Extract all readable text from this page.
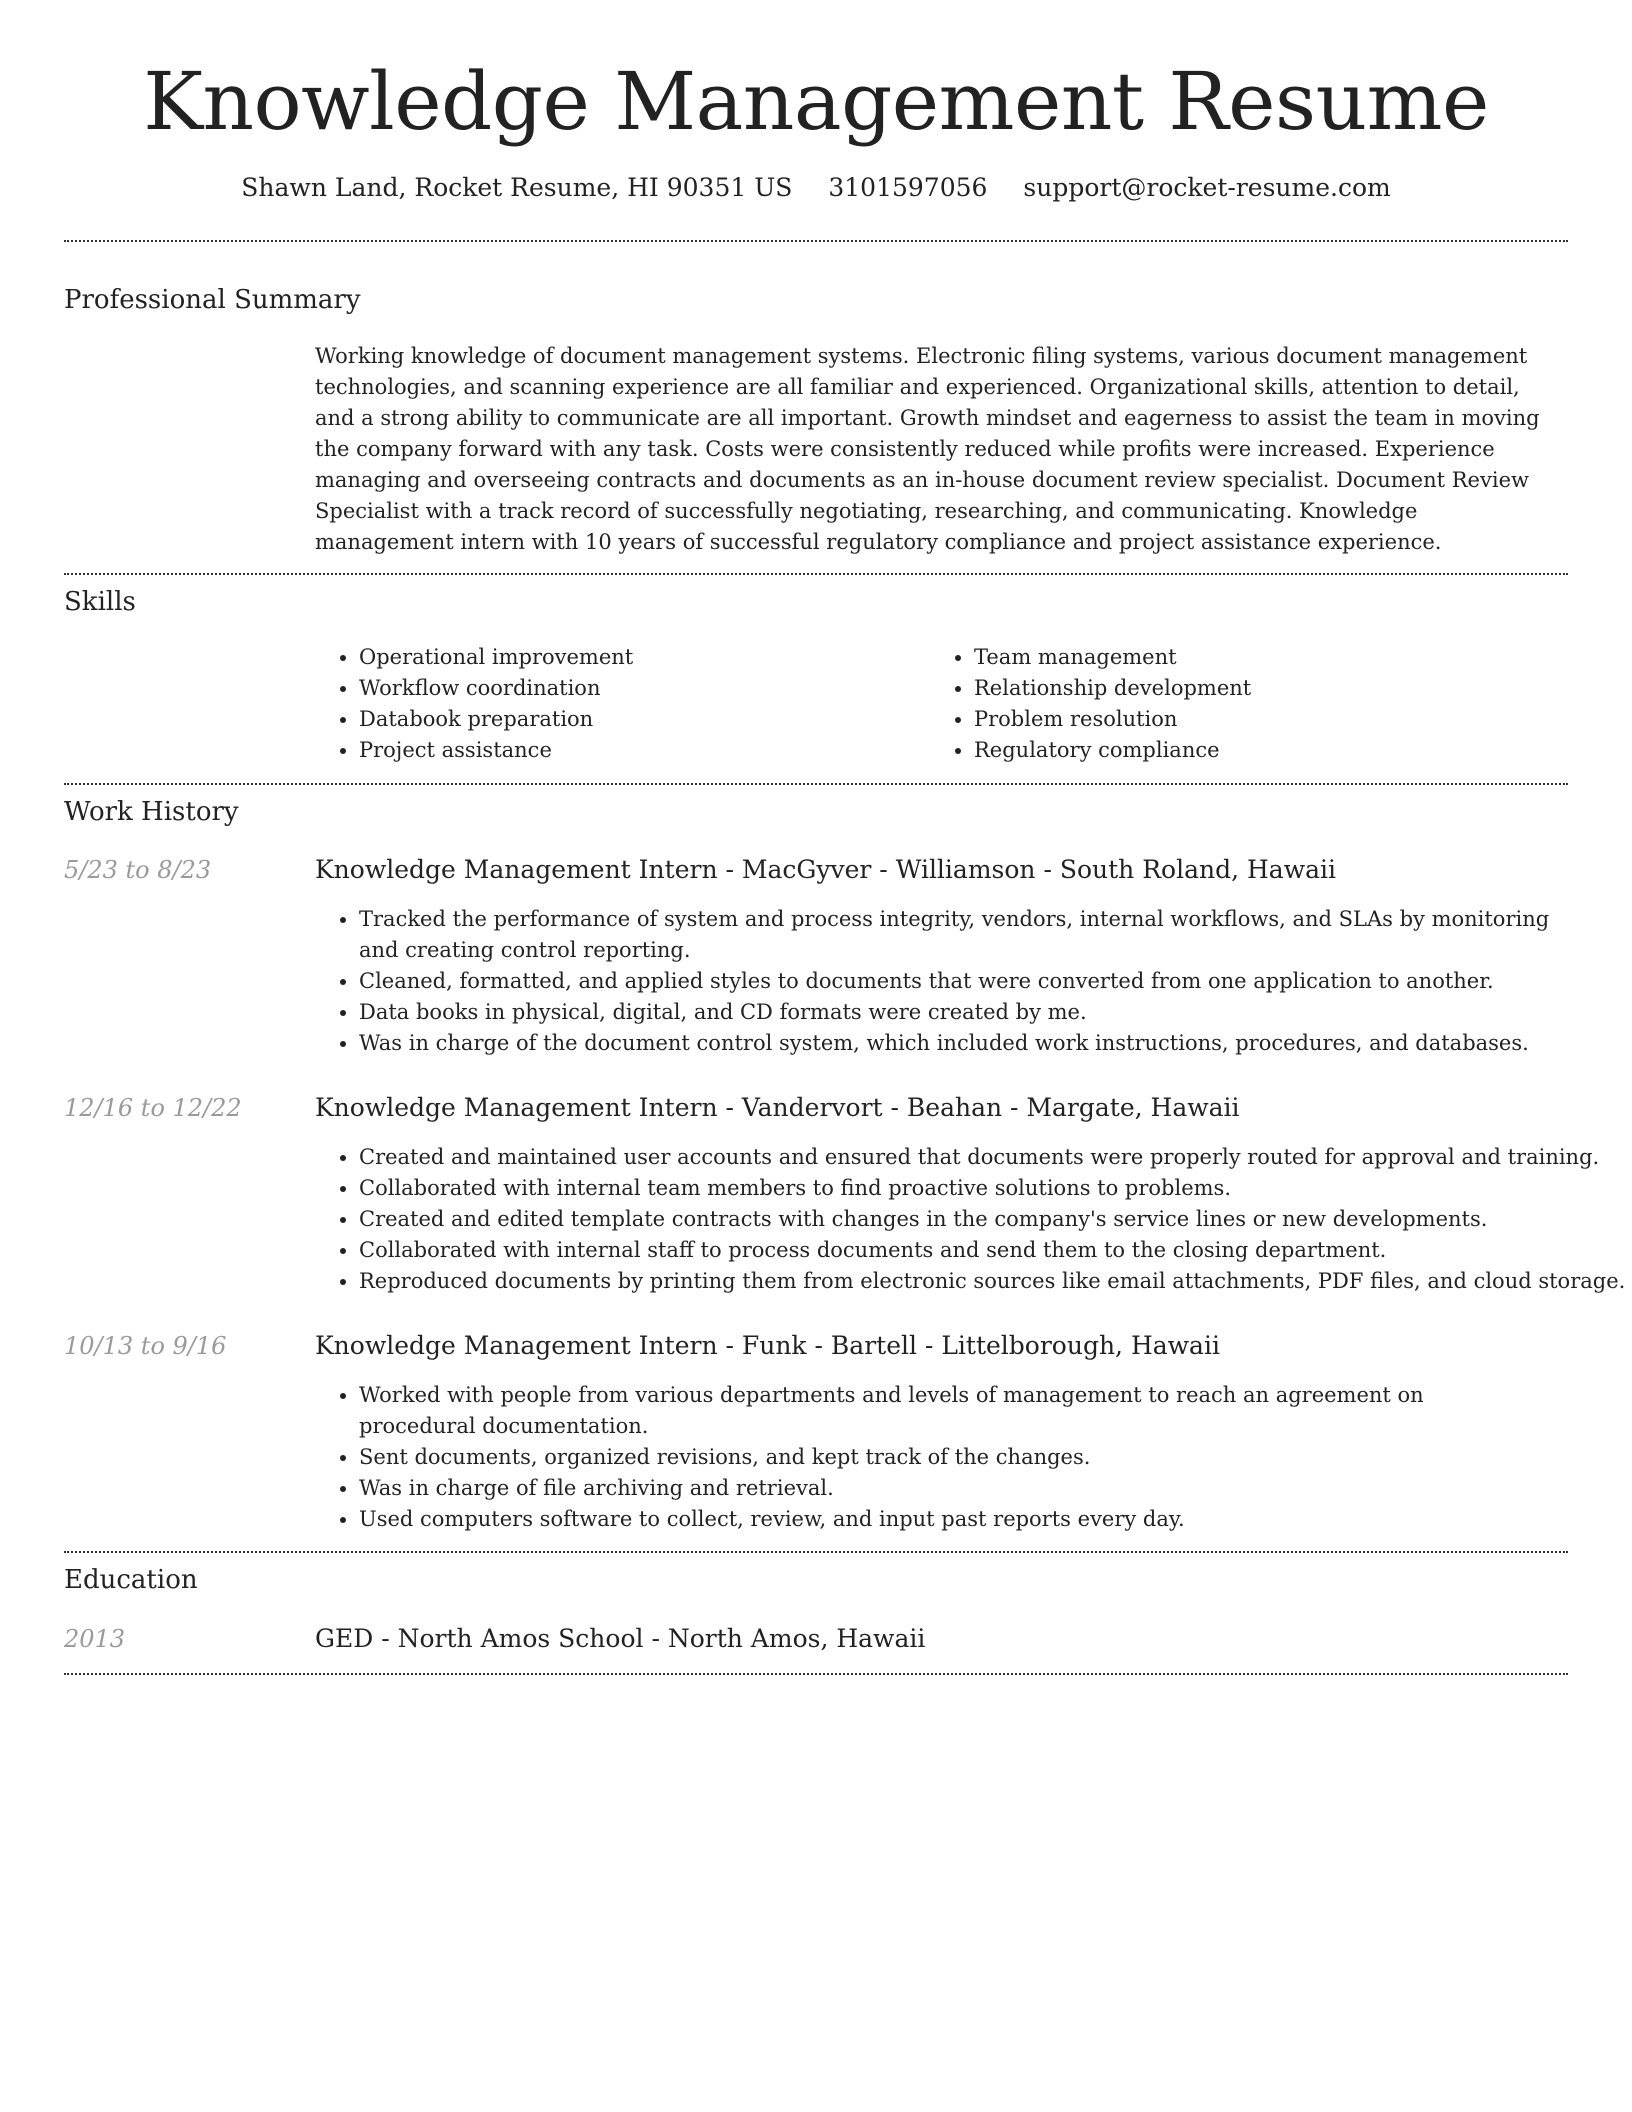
Knowledge Management Resume
Shawn Land, Rocket Resume, HI 90351 US 3101597056 support@rocket-resume.com
Professional Summary

Working knowledge of document management systems. Electronic filing systems, various document management technologies, and scanning experience are all familiar and experienced. Organizational skills, attention to detail, and a strong ability to communicate are all important. Growth mindset and eagerness to assist the team in moving the company forward with any task. Costs were consistently reduced while profits were increased. Experience managing and overseeing contracts and documents as an in-house document review specialist. Document Review Specialist with a track record of successfully negotiating, researching, and communicating. Knowledge management intern with 10 years of successful regulatory compliance and project assistance experience.

Skills
• Operational improvement
• Workflow coordination
• Databook preparation
• Project assistance
• Team management
• Relationship development
• Problem resolution
• Regulatory compliance
Work History
5/23 to 8/23	Knowledge Management Intern - MacGyver - Williamson - South Roland, Hawaii
• Tracked the performance of system and process integrity, vendors, internal workflows, and SLAs by monitoring and creating control reporting.
• Cleaned, formatted, and applied styles to documents that were converted from one application to another.
• Data books in physical, digital, and CD formats were created by me.
• Was in charge of the document control system, which included work instructions, procedures, and databases.
12/16 to 12/22	Knowledge Management Intern - Vandervort - Beahan - Margate, Hawaii
• Created and maintained user accounts and ensured that documents were properly routed for approval and training.
• Collaborated with internal team members to find proactive solutions to problems.
• Created and edited template contracts with changes in the company's service lines or new developments.
• Collaborated with internal staff to process documents and send them to the closing department.
• Reproduced documents by printing them from electronic sources like email attachments, PDF files, and cloud storage.
10/13 to 9/16	Knowledge Management Intern - Funk - Bartell - Littelborough, Hawaii
• Worked with people from various departments and levels of management to reach an agreement on procedural documentation.
• Sent documents, organized revisions, and kept track of the changes.
• Was in charge of file archiving and retrieval.
• Used computers software to collect, review, and input past reports every day.
Education
2013	GED - North Amos School - North Amos, Hawaii
